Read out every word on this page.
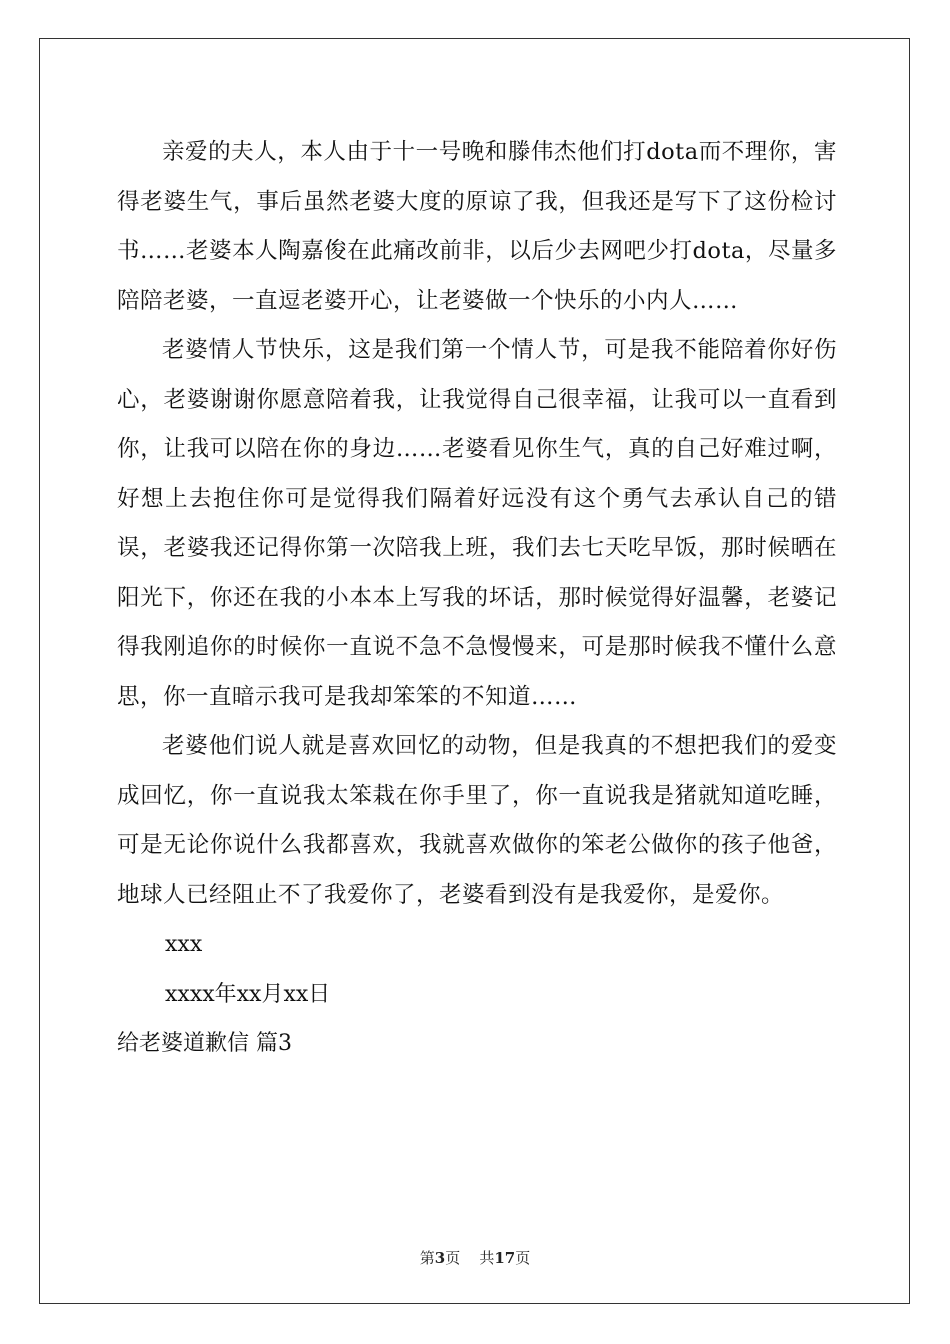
亲爱的夫人，本人由于十一号晚和滕伟杰他们打dota而不理你，害得老婆生气，事后虽然老婆大度的原谅了我，但我还是写下了这份检讨书……老婆本人陶嘉俊在此痛改前非，以后少去网吧少打dota，尽量多陪陪老婆，一直逗老婆开心，让老婆做一个快乐的小内人……

老婆情人节快乐，这是我们第一个情人节，可是我不能陪着你好伤心，老婆谢谢你愿意陪着我，让我觉得自己很幸福，让我可以一直看到你，让我可以陪在你的身边……老婆看见你生气，真的自己好难过啊，好想上去抱住你可是觉得我们隔着好远没有这个勇气去承认自己的错误，老婆我还记得你第一次陪我上班，我们去七天吃早饭，那时候晒在阳光下，你还在我的小本本上写我的坏话，那时候觉得好温馨，老婆记得我刚追你的时候你一直说不急不急慢慢来，可是那时候我不懂什么意思，你一直暗示我可是我却笨笨的不知道……

老婆他们说人就是喜欢回忆的动物，但是我真的不想把我们的爱变成回忆，你一直说我太笨栽在你手里了，你一直说我是猪就知道吃睡，可是无论你说什么我都喜欢，我就喜欢做你的笨老公做你的孩子他爸，地球人已经阻止不了我爱你了，老婆看到没有是我爱你，是爱你。

xxx

xxxx年xx月xx日

给老婆道歉信 篇3

第3页 共17页
